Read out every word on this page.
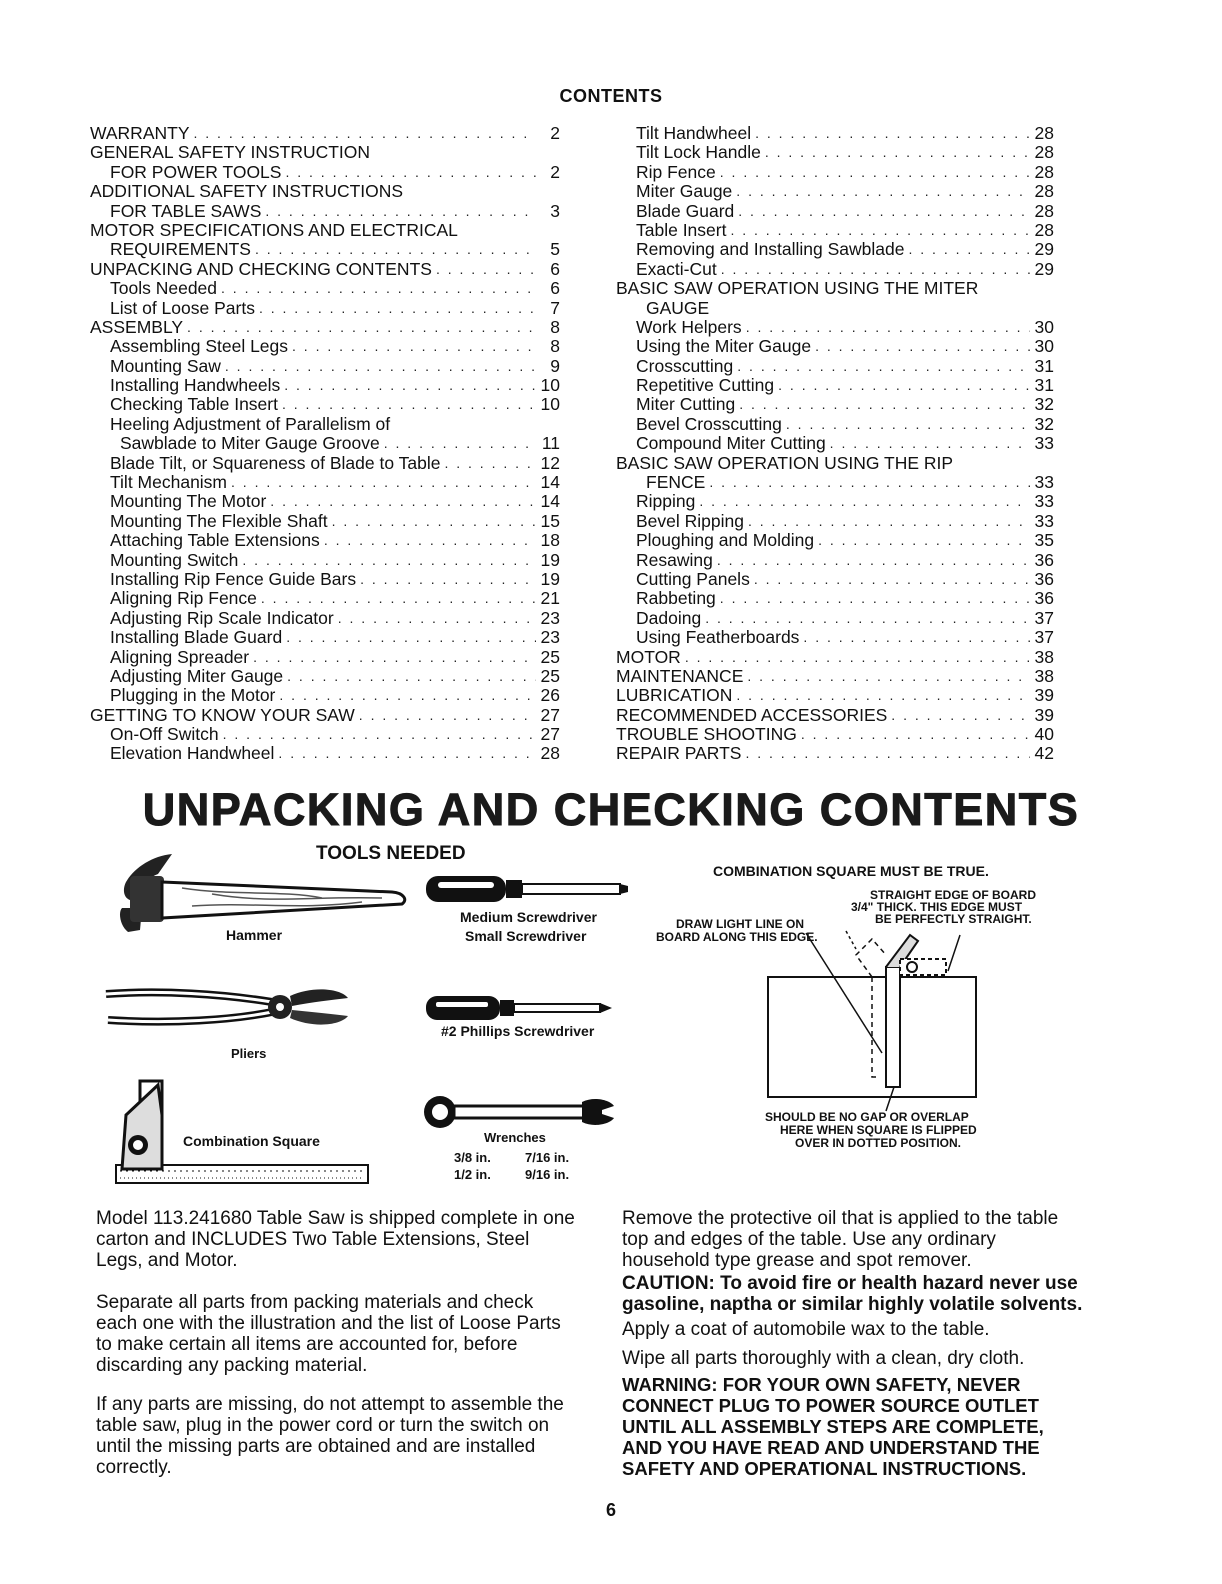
CONTENTS
WARRANTY . . .	2
GENERAL SAFETY INSTRUCTION
FOR POWER TOOLS . . .	2
ADDITIONAL SAFETY INSTRUCTIONS
FOR TABLE SAWS . . .	3
MOTOR SPECIFICATIONS AND ELECTRICAL
REQUIREMENTS . . .	5
UNPACKING AND CHECKING CONTENTS . . .	6
Tools Needed . . .	6
List of Loose Parts . . .	7
ASSEMBLY . . .	8
Assembling Steel Legs . . .	8
Mounting Saw . . .	9
Installing Handwheels . . .	10
Checking Table Insert . . .	10
Heeling Adjustment of Parallelism of
Sawblade to Miter Gauge Groove . . .	11
Blade Tilt, or Squareness of Blade to Table . . .	12
Tilt Mechanism . . .	14
Mounting The Motor . . .	14
Mounting The Flexible Shaft . . .	15
Attaching Table Extensions . . .	18
Mounting Switch . . .	19
Installing Rip Fence Guide Bars . . .	19
Aligning Rip Fence . . .	21
Adjusting Rip Scale Indicator . . .	23
Installing Blade Guard . . .	23
Aligning Spreader . . .	25
Adjusting Miter Gauge . . .	25
Plugging in the Motor . . .	26
GETTING TO KNOW YOUR SAW . . .	27
On-Off Switch . . .	27
Elevation Handwheel . . .	28
Tilt Handwheel . . .	28
Tilt Lock Handle . . .	28
Rip Fence . . .	28
Miter Gauge . . .	28
Blade Guard . . .	28
Table Insert . . .	28
Removing and Installing Sawblade . . .	29
Exacti-Cut . . .	29
BASIC SAW OPERATION USING THE MITER
GAUGE
Work Helpers . . .	30
Using the Miter Gauge . . .	30
Crosscutting . . .	31
Repetitive Cutting . . .	31
Miter Cutting . . .	32
Bevel Crosscutting . . .	32
Compound Miter Cutting . . .	33
BASIC SAW OPERATION USING THE RIP
FENCE . . .	33
Ripping . . .	33
Bevel Ripping . . .	33
Ploughing and Molding . . .	35
Resawing . . .	36
Cutting Panels . . .	36
Rabbeting . . .	36
Dadoing . . .	37
Using Featherboards . . .	37
MOTOR . . .	38
MAINTENANCE . . .	38
LUBRICATION . . .	39
RECOMMENDED ACCESSORIES . . .	39
TROUBLE SHOOTING . . .	40
REPAIR PARTS . . .	42
UNPACKING AND CHECKING CONTENTS
TOOLS NEEDED
Hammer
Medium Screwdriver
Small Screwdriver
Pliers
#2 Phillips Screwdriver
Combination Square	Wrenches
3/8 in.	7/16 in.
1/2 in.	9/16 in.
COMBINATION SQUARE MUST BE TRUE.
STRAIGHT EDGE OF BOARD
3/4" THICK. THIS EDGE MUST
BE PERFECTLY STRAIGHT.
DRAW LIGHT LINE ON
BOARD ALONG THIS EDGE.
SHOULD BE NO GAP OR OVERLAP
HERE WHEN SQUARE IS FLIPPED
OVER IN DOTTED POSITION.
Model 113.241680 Table Saw is shipped complete in one carton and INCLUDES Two Table Extensions, Steel Legs, and Motor.
Separate all parts from packing materials and check each one with the illustration and the list of Loose Parts to make certain all items are accounted for, before discarding any packing material.
If any parts are missing, do not attempt to assemble the table saw, plug in the power cord or turn the switch on until the missing parts are obtained and are installed correctly.
Remove the protective oil that is applied to the table top and edges of the table. Use any ordinary household type grease and spot remover.
CAUTION: To avoid fire or health hazard never use gasoline, naptha or similar highly volatile solvents.
Apply a coat of automobile wax to the table.
Wipe all parts thoroughly with a clean, dry cloth.
WARNING: FOR YOUR OWN SAFETY, NEVER CONNECT PLUG TO POWER SOURCE OUTLET UNTIL ALL ASSEMBLY STEPS ARE COMPLETE, AND YOU HAVE READ AND UNDERSTAND THE SAFETY AND OPERATIONAL INSTRUCTIONS.
6
